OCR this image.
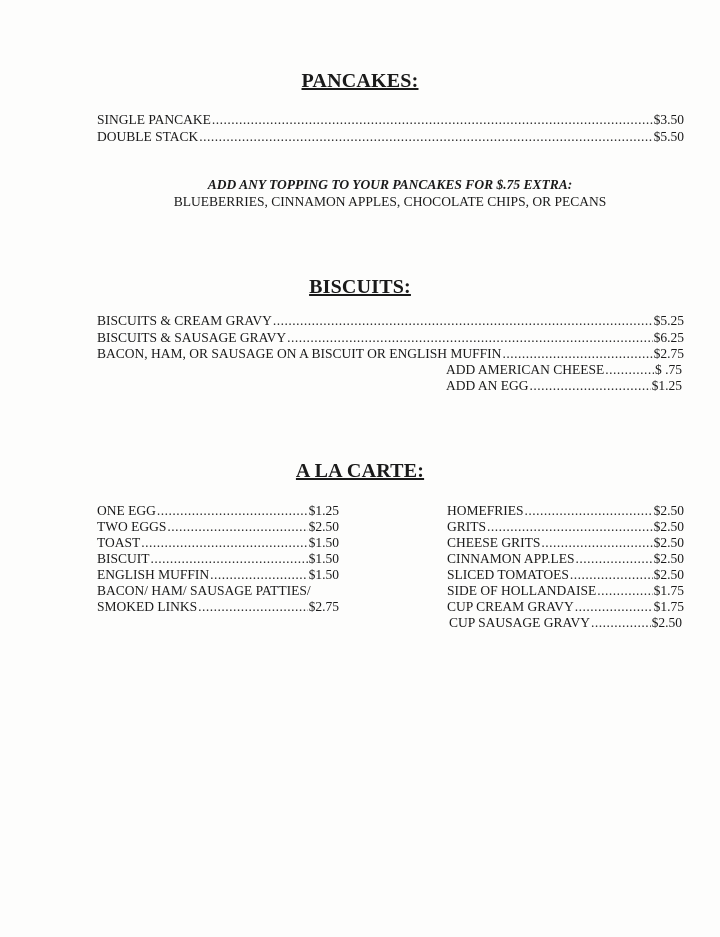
PANCAKES:
SINGLE PANCAKE .....	$3.50
DOUBLE STACK .....	$5.50
ADD ANY TOPPING TO YOUR PANCAKES FOR $.75 EXTRA:
BLUEBERRIES, CINNAMON APPLES, CHOCOLATE CHIPS, OR PECANS
BISCUITS:
BISCUITS & CREAM GRAVY .....	$5.25
BISCUITS & SAUSAGE GRAVY .....	$6.25
BACON, HAM, OR SAUSAGE ON A BISCUIT OR ENGLISH MUFFIN .....	$2.75
ADD AMERICAN CHEESE .....	$ .75
ADD AN EGG .....	$1.25
A LA CARTE:
ONE EGG .....	$1.25
TWO EGGS .....	$2.50
TOAST .....	$1.50
BISCUIT .....	$1.50
ENGLISH MUFFIN .....	$1.50
BACON/ HAM/ SAUSAGE PATTIES/
SMOKED LINKS .....	$2.75
HOMEFRIES .....	$2.50
GRITS .....	$2.50
CHEESE GRITS .....	$2.50
CINNAMON APP.LES .....	$2.50
SLICED TOMATOES .....	$2.50
SIDE OF HOLLANDAISE .....	$1.75
CUP CREAM GRAVY .....	$1.75
CUP SAUSAGE GRAVY .....	$2.50
